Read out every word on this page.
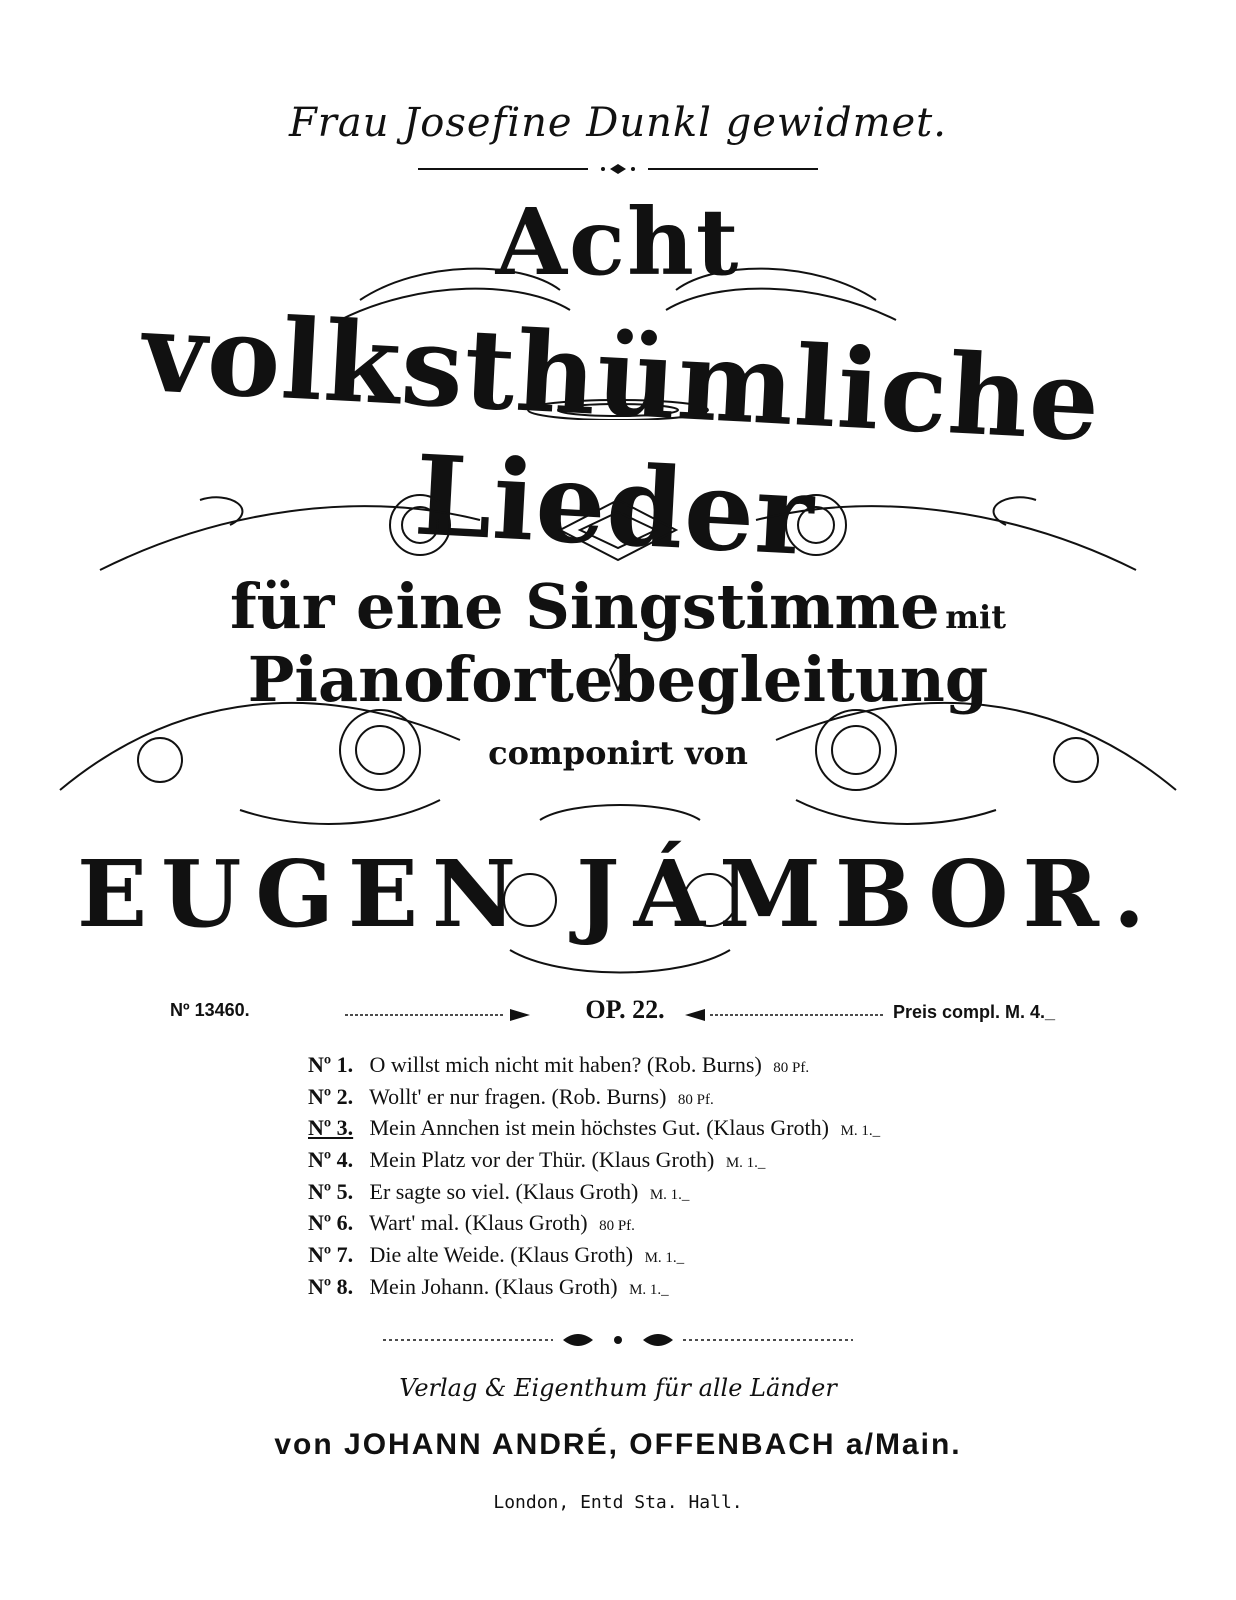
Frau Josefine Dunkl gewidmet.
Acht
volksthümliche Lieder
für eine Singstimme mit Pianofortebegleitung
componirt von
EUGEN JÁMBOR.
Nº 13460.	OP. 22.	Preis compl. M. 4._
Nº 1. O willst mich nicht mit haben? (Rob. Burns) 80 Pf.
Nº 2. Wollt' er nur fragen. (Rob. Burns) 80 Pf.
Nº 3. Mein Annchen ist mein höchstes Gut. (Klaus Groth) M. 1._
Nº 4. Mein Platz vor der Thür. (Klaus Groth) M. 1._
Nº 5. Er sagte so viel. (Klaus Groth) M. 1._
Nº 6. Wart' mal. (Klaus Groth) 80 Pf.
Nº 7. Die alte Weide. (Klaus Groth) M. 1._
Nº 8. Mein Johann. (Klaus Groth) M. 1._
Verlag & Eigenthum für alle Länder
von JOHANN ANDRÉ, OFFENBACH a/Main.
London, Entd Sta. Hall.
